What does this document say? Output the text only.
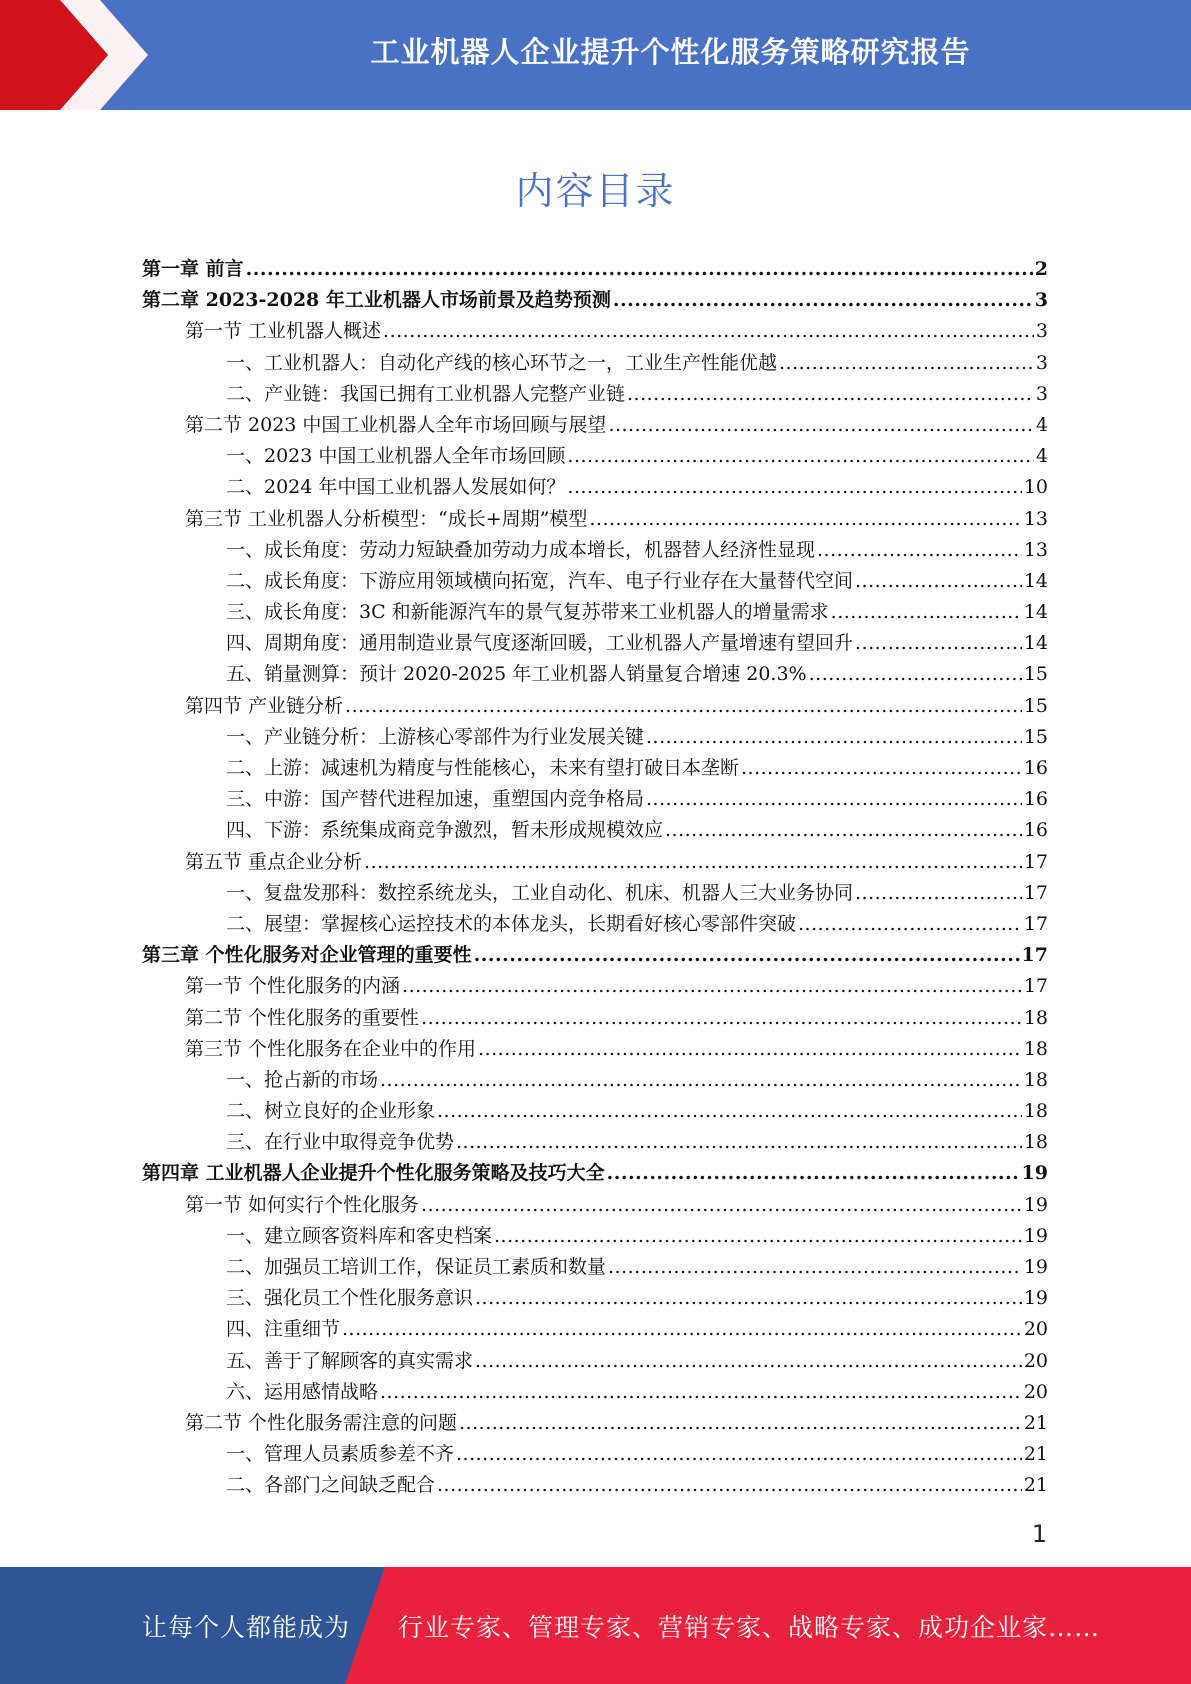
工业机器人企业提升个性化服务策略研究报告
内容目录
第一章 前言 .....	2
第二章 2023-2028 年工业机器人市场前景及趋势预测 .....	3
第一节 工业机器人概述 .....	3
一、工业机器人：自动化产线的核心环节之一，工业生产性能优越 .....	3
二、产业链：我国已拥有工业机器人完整产业链 .....	3
第二节 2023 中国工业机器人全年市场回顾与展望 .....	4
一、2023 中国工业机器人全年市场回顾 .....	4
二、2024 年中国工业机器人发展如何？ .....	10
第三节 工业机器人分析模型：“成长+周期”模型 .....	13
一、成长角度：劳动力短缺叠加劳动力成本增长，机器替人经济性显现 .....	13
二、成长角度：下游应用领域横向拓宽，汽车、电子行业存在大量替代空间 .....	14
三、成长角度：3C 和新能源汽车的景气复苏带来工业机器人的增量需求 .....	14
四、周期角度：通用制造业景气度逐渐回暖，工业机器人产量增速有望回升 .....	14
五、销量测算：预计 2020-2025 年工业机器人销量复合增速 20.3% .....	15
第四节 产业链分析 .....	15
一、产业链分析：上游核心零部件为行业发展关键 .....	15
二、上游：减速机为精度与性能核心，未来有望打破日本垄断 .....	16
三、中游：国产替代进程加速，重塑国内竞争格局 .....	16
四、下游：系统集成商竞争激烈，暂未形成规模效应 .....	16
第五节 重点企业分析 .....	17
一、复盘发那科：数控系统龙头，工业自动化、机床、机器人三大业务协同 .....	17
二、展望：掌握核心运控技术的本体龙头，长期看好核心零部件突破 .....	17
第三章 个性化服务对企业管理的重要性 .....	17
第一节 个性化服务的内涵 .....	17
第二节 个性化服务的重要性 .....	18
第三节 个性化服务在企业中的作用 .....	18
一、抢占新的市场 .....	18
二、树立良好的企业形象 .....	18
三、在行业中取得竞争优势 .....	18
第四章 工业机器人企业提升个性化服务策略及技巧大全 .....	19
第一节 如何实行个性化服务 .....	19
一、建立顾客资料库和客史档案 .....	19
二、加强员工培训工作，保证员工素质和数量 .....	19
三、强化员工个性化服务意识 .....	19
四、注重细节 .....	20
五、善于了解顾客的真实需求 .....	20
六、运用感情战略 .....	20
第二节 个性化服务需注意的问题 .....	21
一、管理人员素质参差不齐 .....	21
二、各部门之间缺乏配合 .....	21
1
让每个人都能成为 行业专家、管理专家、营销专家、战略专家、成功企业家……
